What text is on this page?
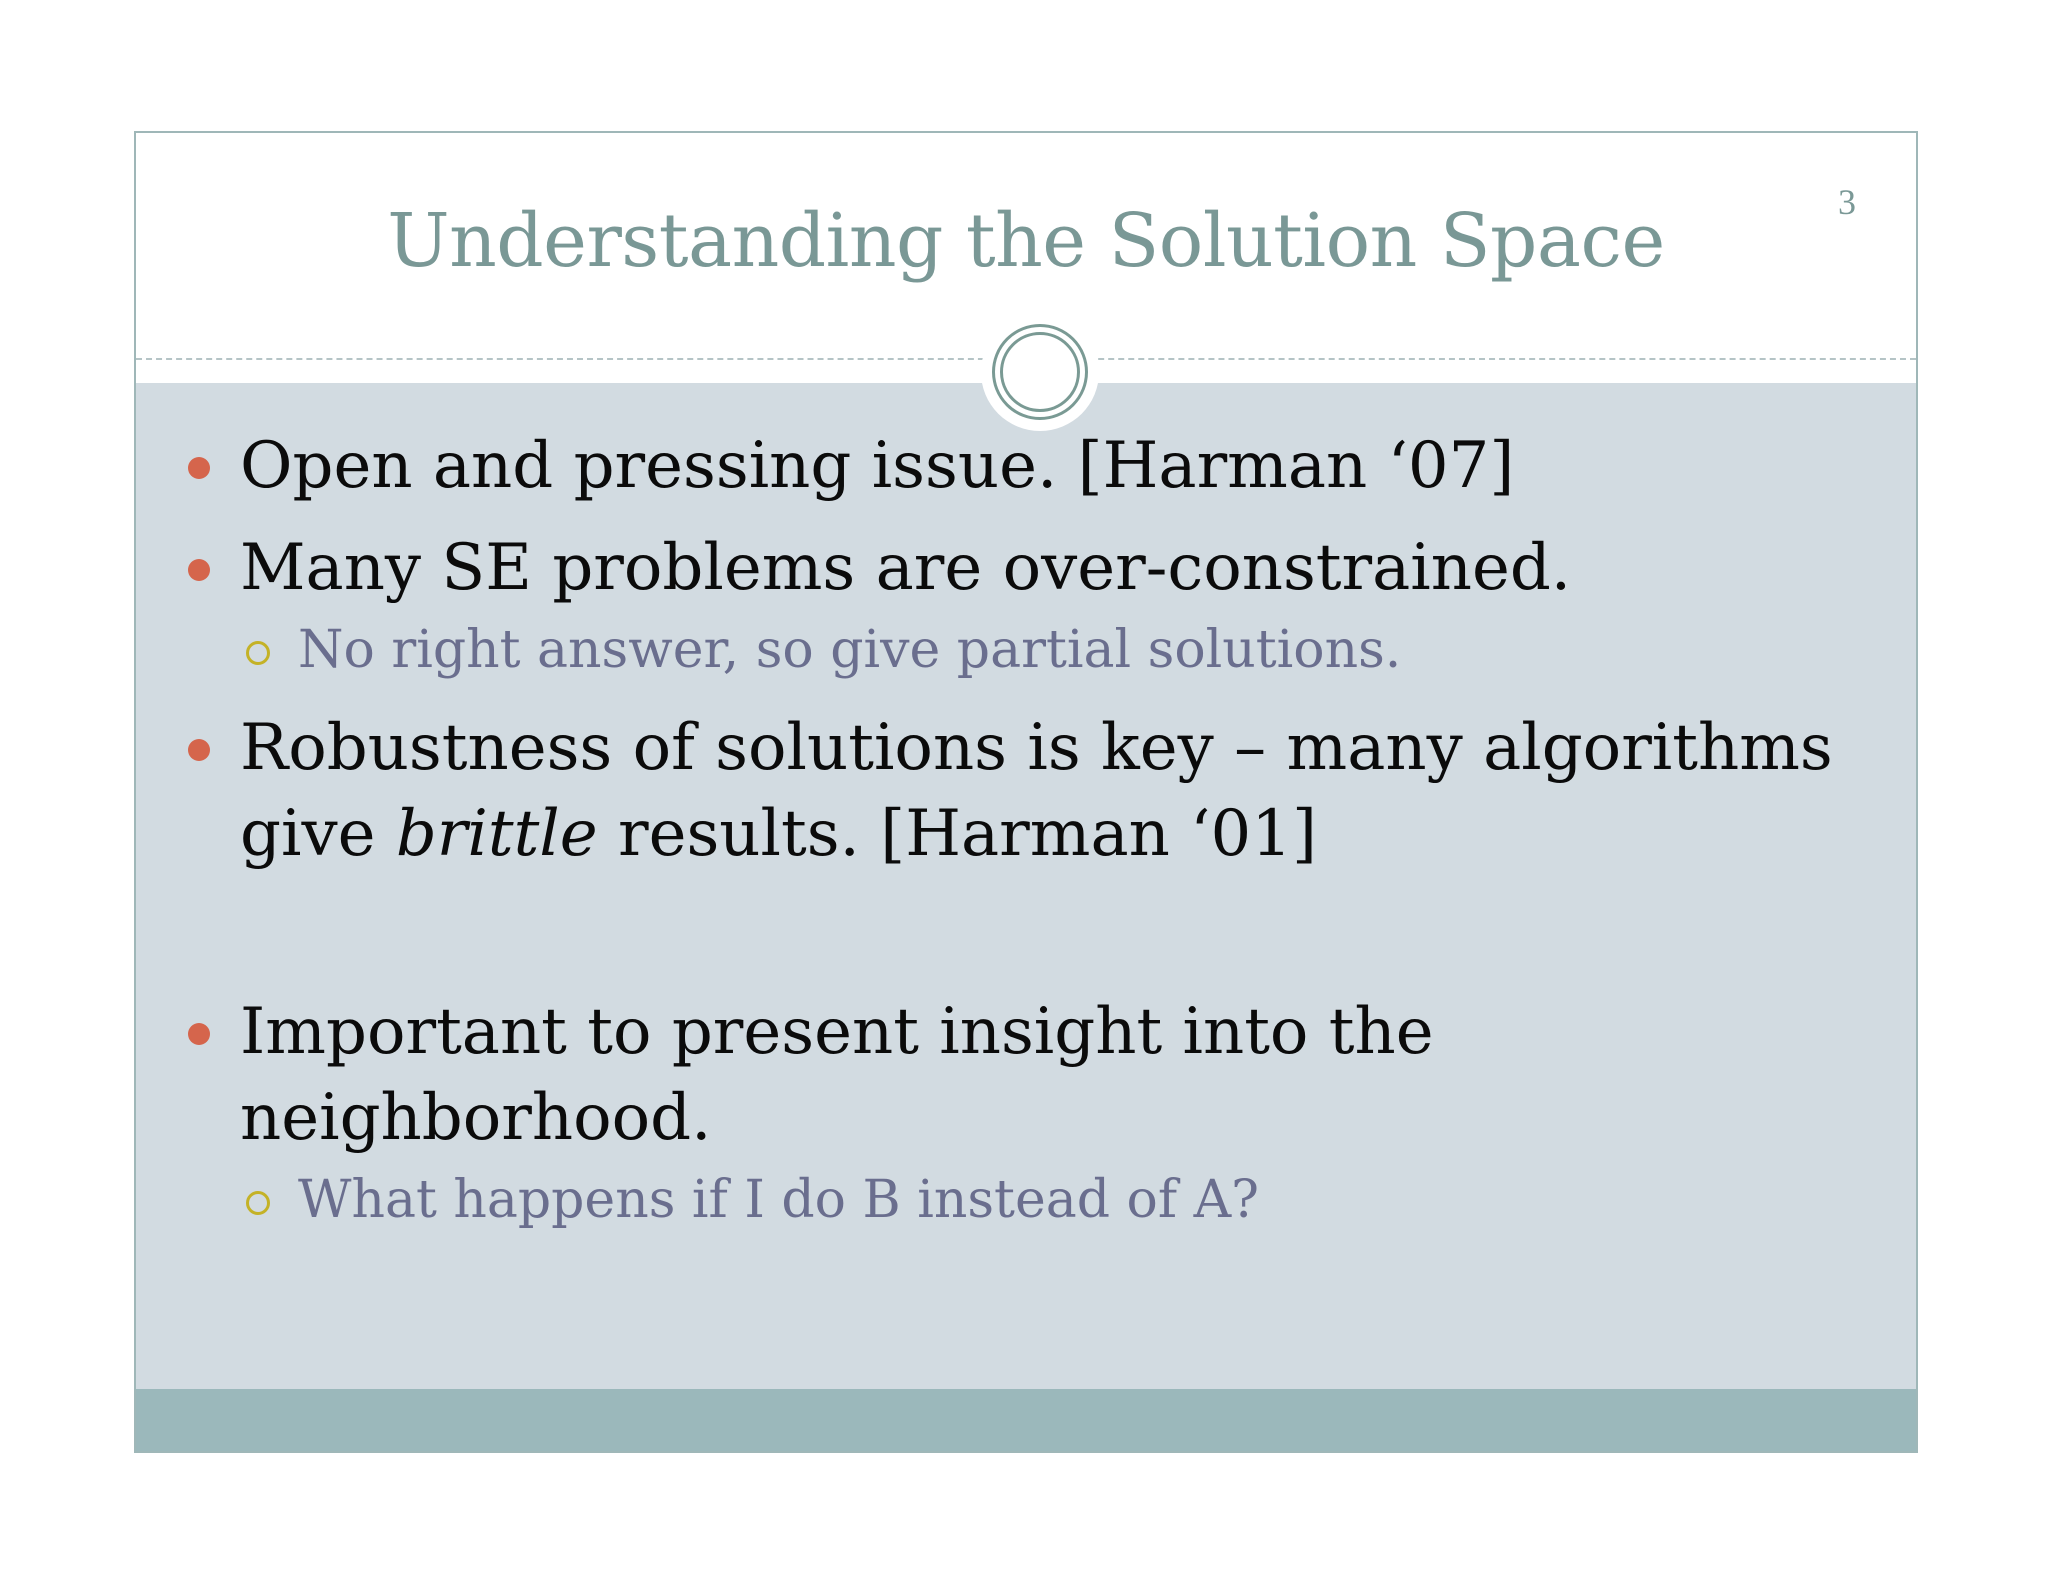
Understanding the Solution Space	3
Open and pressing issue. [Harman ‘07]
Many SE problems are over-constrained.
No right answer, so give partial solutions.
Robustness of solutions is key – many algorithms give brittle results. [Harman ‘01]
Important to present insight into the neighborhood.
What happens if I do B instead of A?
